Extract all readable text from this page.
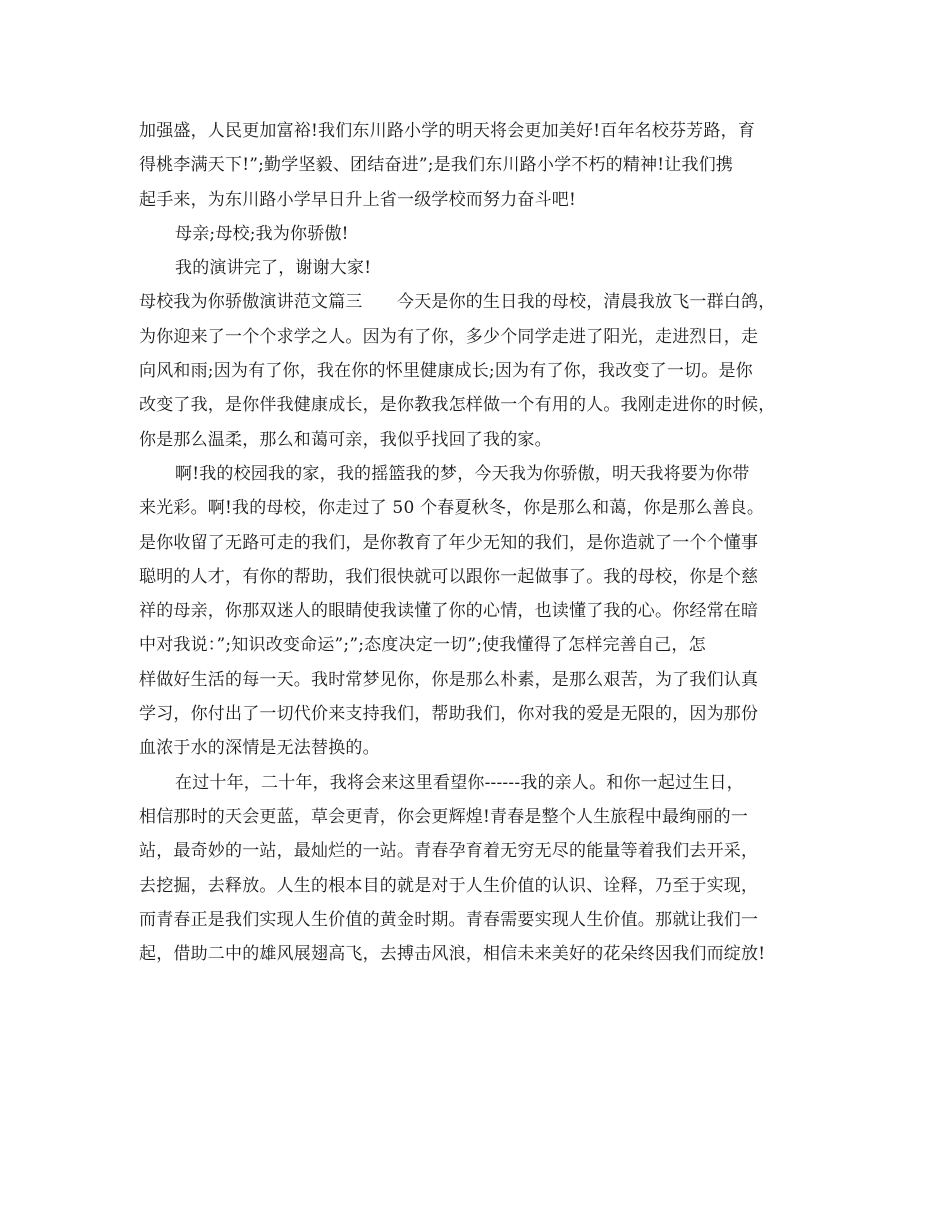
加强盛，人民更加富裕!我们东川路小学的明天将会更加美好!百年名校芬芳路，育
得桃李满天下!”;勤学坚毅、团结奋进”;是我们东川路小学不朽的精神!让我们携
起手来，为东川路小学早日升上省一级学校而努力奋斗吧!
母亲;母校;我为你骄傲!
我的演讲完了，谢谢大家!
母校我为你骄傲演讲范文篇三　　今天是你的生日我的母校，清晨我放飞一群白鸽，
为你迎来了一个个求学之人。因为有了你，多少个同学走进了阳光，走进烈日，走
向风和雨;因为有了你，我在你的怀里健康成长;因为有了你，我改变了一切。是你
改变了我，是你伴我健康成长，是你教我怎样做一个有用的人。我刚走进你的时候，
你是那么温柔，那么和蔼可亲，我似乎找回了我的家。
啊!我的校园我的家，我的摇篮我的梦，今天我为你骄傲，明天我将要为你带
来光彩。啊!我的母校，你走过了 50 个春夏秋冬，你是那么和蔼，你是那么善良。
是你收留了无路可走的我们，是你教育了年少无知的我们，是你造就了一个个懂事
聪明的人才，有你的帮助，我们很快就可以跟你一起做事了。我的母校，你是个慈
祥的母亲，你那双迷人的眼睛使我读懂了你的心情，也读懂了我的心。你经常在暗
中对我说：”;知识改变命运”;”;态度决定一切”;使我懂得了怎样完善自己，怎
样做好生活的每一天。我时常梦见你，你是那么朴素，是那么艰苦，为了我们认真
学习，你付出了一切代价来支持我们，帮助我们，你对我的爱是无限的，因为那份
血浓于水的深情是无法替换的。
在过十年，二十年，我将会来这里看望你------我的亲人。和你一起过生日，
相信那时的天会更蓝，草会更青，你会更辉煌!青春是整个人生旅程中最绚丽的一
站，最奇妙的一站，最灿烂的一站。青春孕育着无穷无尽的能量等着我们去开采，
去挖掘，去释放。人生的根本目的就是对于人生价值的认识、诠释，乃至于实现，
而青春正是我们实现人生价值的黄金时期。青春需要实现人生价值。那就让我们一
起，借助二中的雄风展翅高飞，去搏击风浪，相信未来美好的花朵终因我们而绽放!
